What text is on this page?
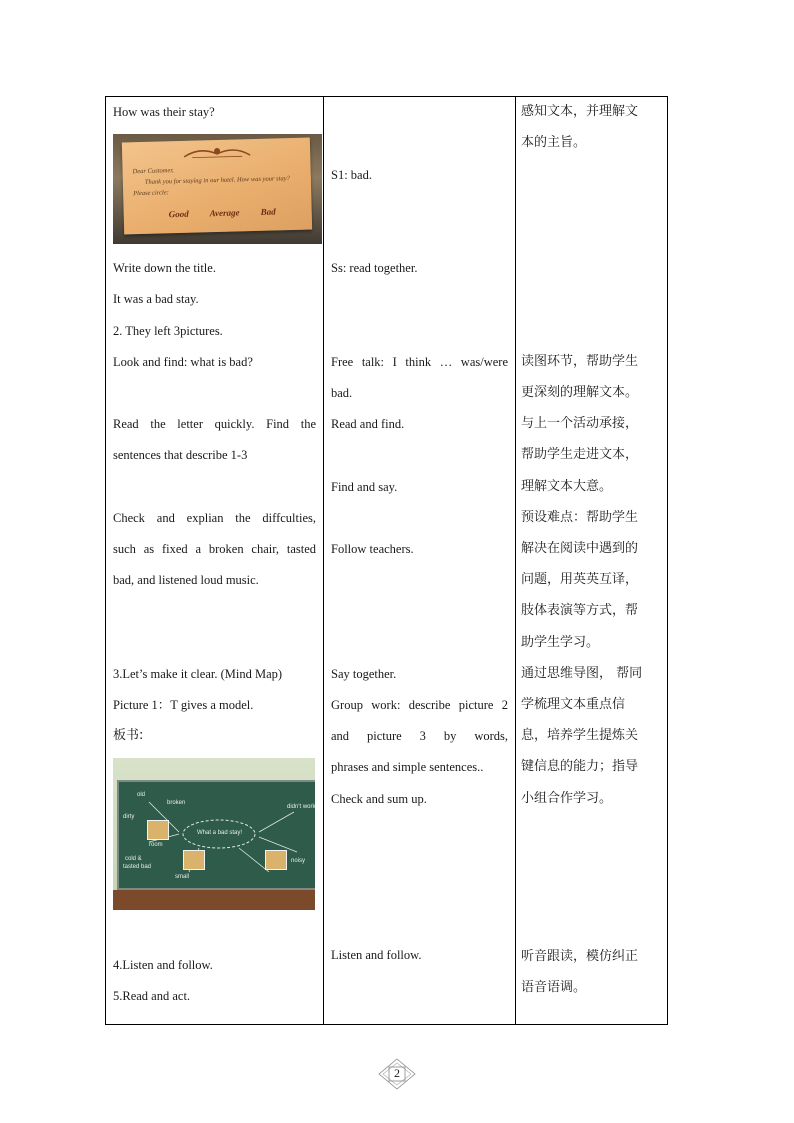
How was their stay?
Dear Customer,
Thank you for staying in our hotel. How was your stay?
Please circle:
Good Average Bad
Write down the title.
It was a bad stay.
2. They left 3pictures.
Look and find: what is bad?
Read the letter quickly. Find the
sentences that describe 1-3
Check and explian the diffculties,
such as fixed a broken chair, tasted
bad, and listened loud music.
3.Let’s make it clear. (Mind Map)
Picture 1：T gives a model.
板书:
old
broken
dirty
room
cold &
tasted bad
small
didn't work
noisy
What a bad stay!
4.Listen and follow.
5.Read and act.
S1: bad.
Ss: read together.
Free talk: I think … was/were
bad.
Read and find.
Find and say.
Follow teachers.
Say together.
Group work: describe picture 2
and picture 3 by words,
phrases and simple sentences..
Check and sum up.
Listen and follow.
感知文本，并理解文
本的主旨。
读图环节，帮助学生
更深刻的理解文本。
与上一个活动承接，
帮助学生走进文本，
理解文本大意。
预设难点：帮助学生
解决在阅读中遇到的
问题，用英英互译，
肢体表演等方式，帮
助学生学习。
通过思维导图， 帮同
学梳理文本重点信
息，培养学生提炼关
键信息的能力；指导
小组合作学习。
听音跟读，模仿纠正
语音语调。
2
